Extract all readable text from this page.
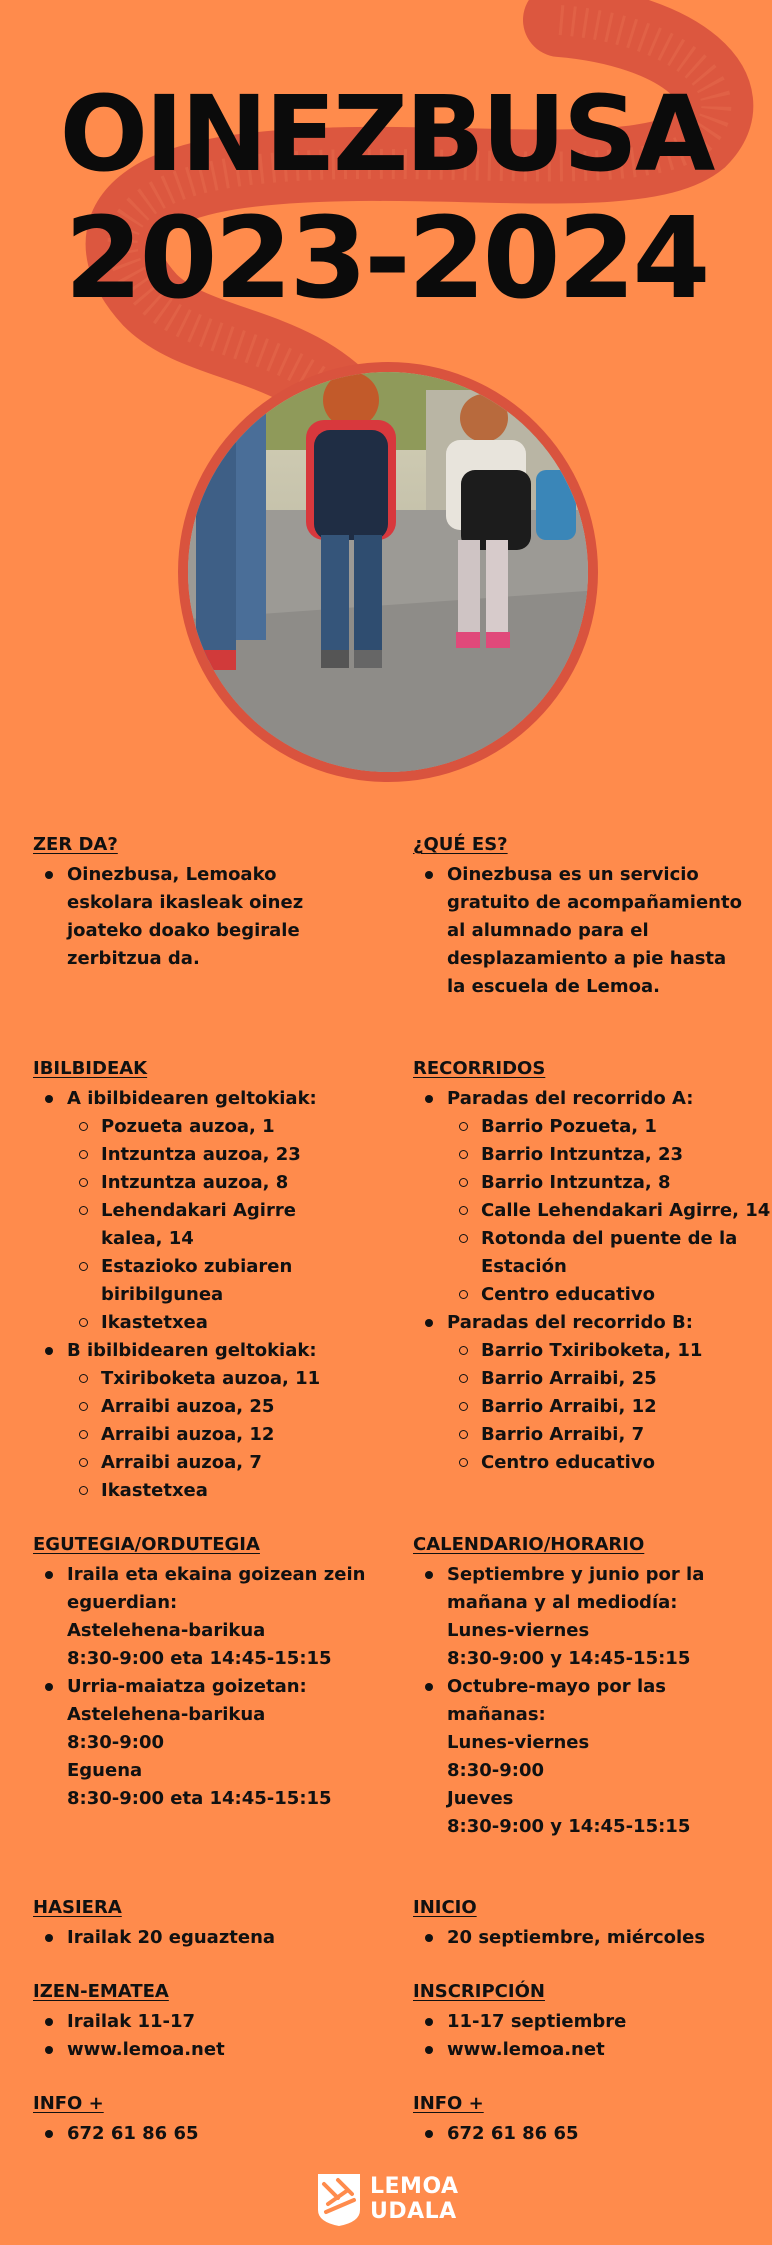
OINEZBUSA
2023-2024
ZER DA?
Oinezbusa, Lemoako eskolara ikasleak oinez joateko doako begirale zerbitzua da.
IBILBIDEAK
A ibilbidearen geltokiak:
Pozueta auzoa, 1
Intzuntza auzoa, 23
Intzuntza auzoa, 8
Lehendakari Agirre kalea, 14
Estazioko zubiaren biribilgunea
Ikastetxea
B ibilbidearen geltokiak:
Txiriboketa auzoa, 11
Arraibi auzoa, 25
Arraibi auzoa, 12
Arraibi auzoa, 7
Ikastetxea
EGUTEGIA/ORDUTEGIA
Iraila eta ekaina goizean zein eguerdian:
Astelehena-barikua
8:30-9:00 eta 14:45-15:15
Urria-maiatza goizetan:
Astelehena-barikua
8:30-9:00
Eguena
8:30-9:00 eta 14:45-15:15
HASIERA
Irailak 20 eguaztena
IZEN-EMATEA
Irailak 11-17
www.lemoa.net
INFO +
672 61 86 65
¿QUÉ ES?
Oinezbusa es un servicio gratuito de acompañamiento al alumnado para el desplazamiento a pie hasta la escuela de Lemoa.
RECORRIDOS
Paradas del recorrido A:
Barrio Pozueta, 1
Barrio Intzuntza, 23
Barrio Intzuntza, 8
Calle Lehendakari Agirre, 14
Rotonda del puente de la Estación
Centro educativo
Paradas del recorrido B:
Barrio Txiriboketa, 11
Barrio Arraibi, 25
Barrio Arraibi, 12
Barrio Arraibi, 7
Centro educativo
CALENDARIO/HORARIO
Septiembre y junio por la mañana y al mediodía:
Lunes-viernes
8:30-9:00 y 14:45-15:15
Octubre-mayo por las mañanas:
Lunes-viernes
8:30-9:00
Jueves
8:30-9:00 y 14:45-15:15
INICIO
20 septiembre, miércoles
INSCRIPCIÓN
11-17 septiembre
www.lemoa.net
INFO +
672 61 86 65
LEMOA
UDALA
